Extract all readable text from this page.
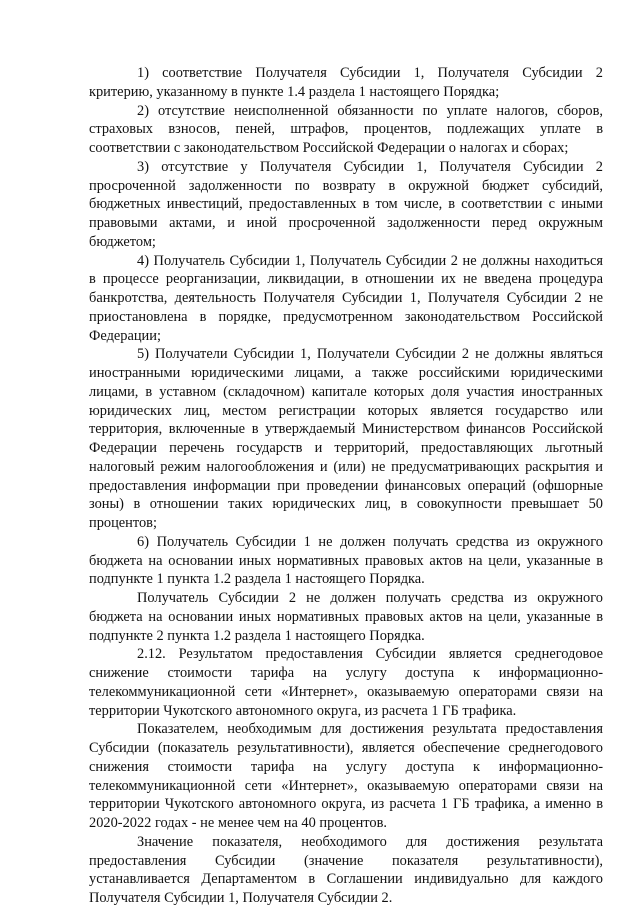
1) соответствие Получателя Субсидии 1, Получателя Субсидии 2 критерию, указанному в пункте 1.4 раздела 1 настоящего Порядка;

2) отсутствие неисполненной обязанности по уплате налогов, сборов, страховых взносов, пеней, штрафов, процентов, подлежащих уплате в соответствии с законодательством Российской Федерации о налогах и сборах;

3) отсутствие у Получателя Субсидии 1, Получателя Субсидии 2 просроченной задолженности по возврату в окружной бюджет субсидий, бюджетных инвестиций, предоставленных в том числе, в соответствии с иными правовыми актами, и иной просроченной задолженности перед окружным бюджетом;

4) Получатель Субсидии 1, Получатель Субсидии 2 не должны находиться в процессе реорганизации, ликвидации, в отношении их не введена процедура банкротства, деятельность Получателя Субсидии 1, Получателя Субсидии 2 не приостановлена в порядке, предусмотренном законодательством Российской Федерации;

5) Получатели Субсидии 1, Получатели Субсидии 2 не должны являться иностранными юридическими лицами, а также российскими юридическими лицами, в уставном (складочном) капитале которых доля участия иностранных юридических лиц, местом регистрации которых является государство или территория, включенные в утверждаемый Министерством финансов Российской Федерации перечень государств и территорий, предоставляющих льготный налоговый режим налогообложения и (или) не предусматривающих раскрытия и предоставления информации при проведении финансовых операций (офшорные зоны) в отношении таких юридических лиц, в совокупности превышает 50 процентов;

6) Получатель Субсидии 1 не должен получать средства из окружного бюджета на основании иных нормативных правовых актов на цели, указанные в подпункте 1 пункта 1.2 раздела 1 настоящего Порядка.

Получатель Субсидии 2 не должен получать средства из окружного бюджета на основании иных нормативных правовых актов на цели, указанные в подпункте 2 пункта 1.2 раздела 1 настоящего Порядка.

2.12. Результатом предоставления Субсидии является среднегодовое снижение стоимости тарифа на услугу доступа к информационно-телекоммуникационной сети «Интернет», оказываемую операторами связи на территории Чукотского автономного округа, из расчета 1 ГБ трафика.

Показателем, необходимым для достижения результата предоставления Субсидии (показатель результативности), является обеспечение среднегодового снижения стоимости тарифа на услугу доступа к информационно-телекоммуникационной сети «Интернет», оказываемую операторами связи на территории Чукотского автономного округа, из расчета 1 ГБ трафика, а именно в 2020-2022 годах - не менее чем на 40 процентов.

Значение показателя, необходимого для достижения результата предоставления Субсидии (значение показателя результативности), устанавливается Департаментом в Соглашении индивидуально для каждого Получателя Субсидии 1, Получателя Субсидии 2.
